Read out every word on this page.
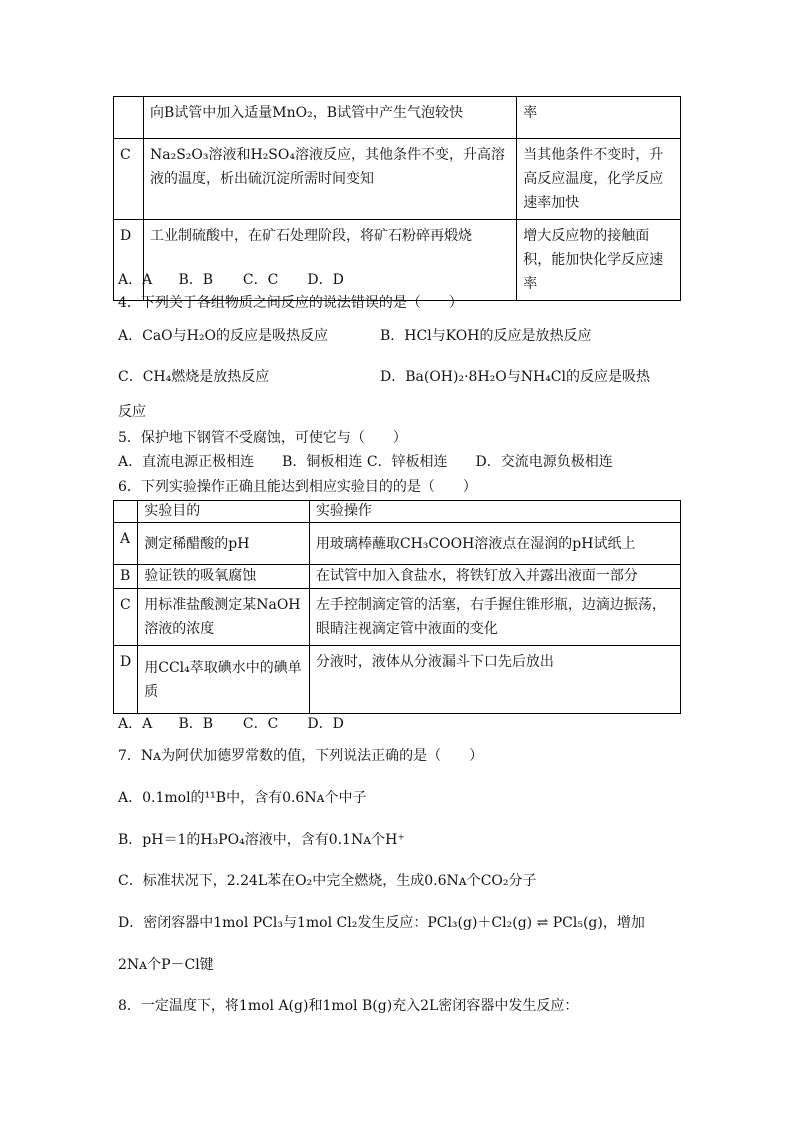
	向B试管中加入适量MnO₂，B试管中产生气泡较快	率
C	Na₂S₂O₃溶液和H₂SO₄溶液反应，其他条件不变，升高溶液的温度，析出硫沉淀所需时间变知	当其他条件不变时，升高反应温度，化学反应速率加快
D	工业制硫酸中，在矿石处理阶段，将矿石粉碎再煅烧	增大反应物的接触面积，能加快化学反应速率
A．A B．B C．C D．D
4．下列关于各组物质之间反应的说法错误的是（　　）
A．CaO与H₂O的反应是吸热反应	B．HCl与KOH的反应是放热反应
C．CH₄燃烧是放热反应	D．Ba(OH)₂·8H₂O与NH₄Cl的反应是吸热
反应
5．保护地下钢管不受腐蚀，可使它与（　　）
A．直流电源正极相连　　B．铜板相连 C．锌板相连　　D．交流电源负极相连
6．下列实验操作正确且能达到相应实验目的的是（　　）
	实验目的	实验操作
A	测定稀醋酸的pH	用玻璃棒蘸取CH₃COOH溶液点在湿润的pH试纸上
B	验证铁的吸氧腐蚀	在试管中加入食盐水，将铁钉放入并露出液面一部分
C	用标准盐酸测定某NaOH溶液的浓度	左手控制滴定管的活塞，右手握住锥形瓶，边滴边振荡，眼睛注视滴定管中液面的变化
D	用CCl₄萃取碘水中的碘单质	分液时，液体从分液漏斗下口先后放出
A．A B．B C．C D．D
7．Nᴀ为阿伏加德罗常数的值，下列说法正确的是（　　）
A．0.1mol的¹¹B中，含有0.6Nᴀ个中子
B．pH＝1的H₃PO₄溶液中，含有0.1Nᴀ个H⁺
C．标准状况下，2.24L苯在O₂中完全燃烧，生成0.6Nᴀ个CO₂分子
D．密闭容器中1mol PCl₃与1mol Cl₂发生反应：PCl₃(g)＋Cl₂(g) ⇌ PCl₅(g)，增加
2Nᴀ个P－Cl键
8．一定温度下，将1mol A(g)和1mol B(g)充入2L密闭容器中发生反应：
